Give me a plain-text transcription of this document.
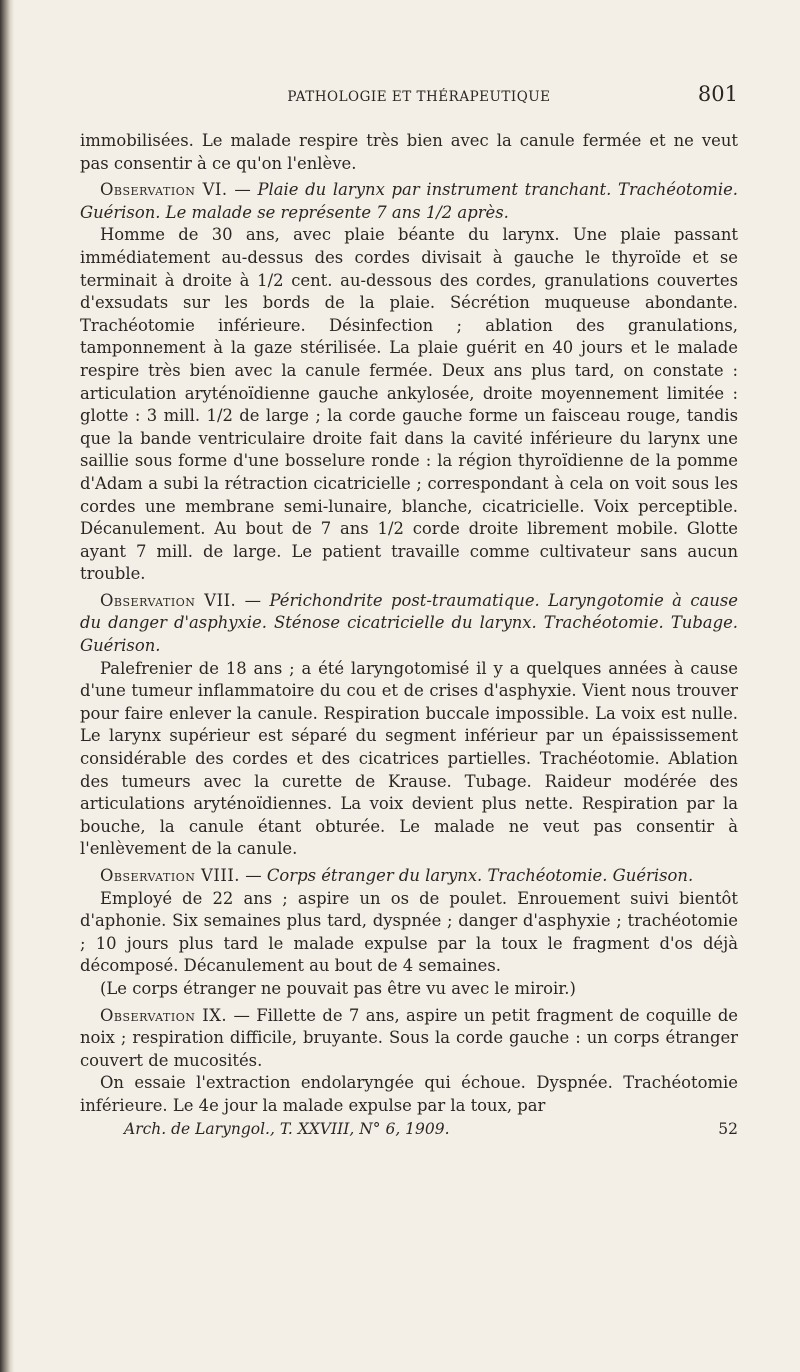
PATHOLOGIE ET THÉRAPEUTIQUE	801

immobilisées. Le malade respire très bien avec la canule fermée et ne veut pas consentir à ce qu'on l'enlève.

Observation VI. — Plaie du larynx par instrument tranchant. Trachéotomie. Guérison. Le malade se représente 7 ans 1/2 après.

Homme de 30 ans, avec plaie béante du larynx. Une plaie passant immédiatement au-dessus des cordes divisait à gauche le thyroïde et se terminait à droite à 1/2 cent. au-dessous des cordes, granulations couvertes d'exsudats sur les bords de la plaie. Sécrétion muqueuse abondante. Trachéotomie inférieure. Désinfection ; ablation des granulations, tamponnement à la gaze stérilisée. La plaie guérit en 40 jours et le malade respire très bien avec la canule fermée. Deux ans plus tard, on constate : articulation aryténoïdienne gauche ankylosée, droite moyennement limitée : glotte : 3 mill. 1/2 de large ; la corde gauche forme un faisceau rouge, tandis que la bande ventriculaire droite fait dans la cavité inférieure du larynx une saillie sous forme d'une bosselure ronde : la région thyroïdienne de la pomme d'Adam a subi la rétraction cicatricielle ; correspondant à cela on voit sous les cordes une membrane semi-lunaire, blanche, cicatricielle. Voix perceptible. Décanulement. Au bout de 7 ans 1/2 corde droite librement mobile. Glotte ayant 7 mill. de large. Le patient travaille comme cultivateur sans aucun trouble.

Observation VII. — Périchondrite post-traumatique. Laryngotomie à cause du danger d'asphyxie. Sténose cicatricielle du larynx. Trachéotomie. Tubage. Guérison.

Palefrenier de 18 ans ; a été laryngotomisé il y a quelques années à cause d'une tumeur inflammatoire du cou et de crises d'asphyxie. Vient nous trouver pour faire enlever la canule. Respiration buccale impossible. La voix est nulle. Le larynx supérieur est séparé du segment inférieur par un épaississement considérable des cordes et des cicatrices partielles. Trachéotomie. Ablation des tumeurs avec la curette de Krause. Tubage. Raideur modérée des articulations aryténoïdiennes. La voix devient plus nette. Respiration par la bouche, la canule étant obturée. Le malade ne veut pas consentir à l'enlèvement de la canule.

Observation VIII. — Corps étranger du larynx. Trachéotomie. Guérison.

Employé de 22 ans ; aspire un os de poulet. Enrouement suivi bientôt d'aphonie. Six semaines plus tard, dyspnée ; danger d'asphyxie ; trachéotomie ; 10 jours plus tard le malade expulse par la toux le fragment d'os déjà décomposé. Décanulement au bout de 4 semaines.

(Le corps étranger ne pouvait pas être vu avec le miroir.)

Observation IX. — Fillette de 7 ans, aspire un petit fragment de coquille de noix ; respiration difficile, bruyante. Sous la corde gauche : un corps étranger couvert de mucosités.

On essaie l'extraction endolaryngée qui échoue. Dyspnée. Trachéotomie inférieure. Le 4e jour la malade expulse par la toux, par

Arch. de Laryngol., T. XXVIII, N° 6, 1909.	52
